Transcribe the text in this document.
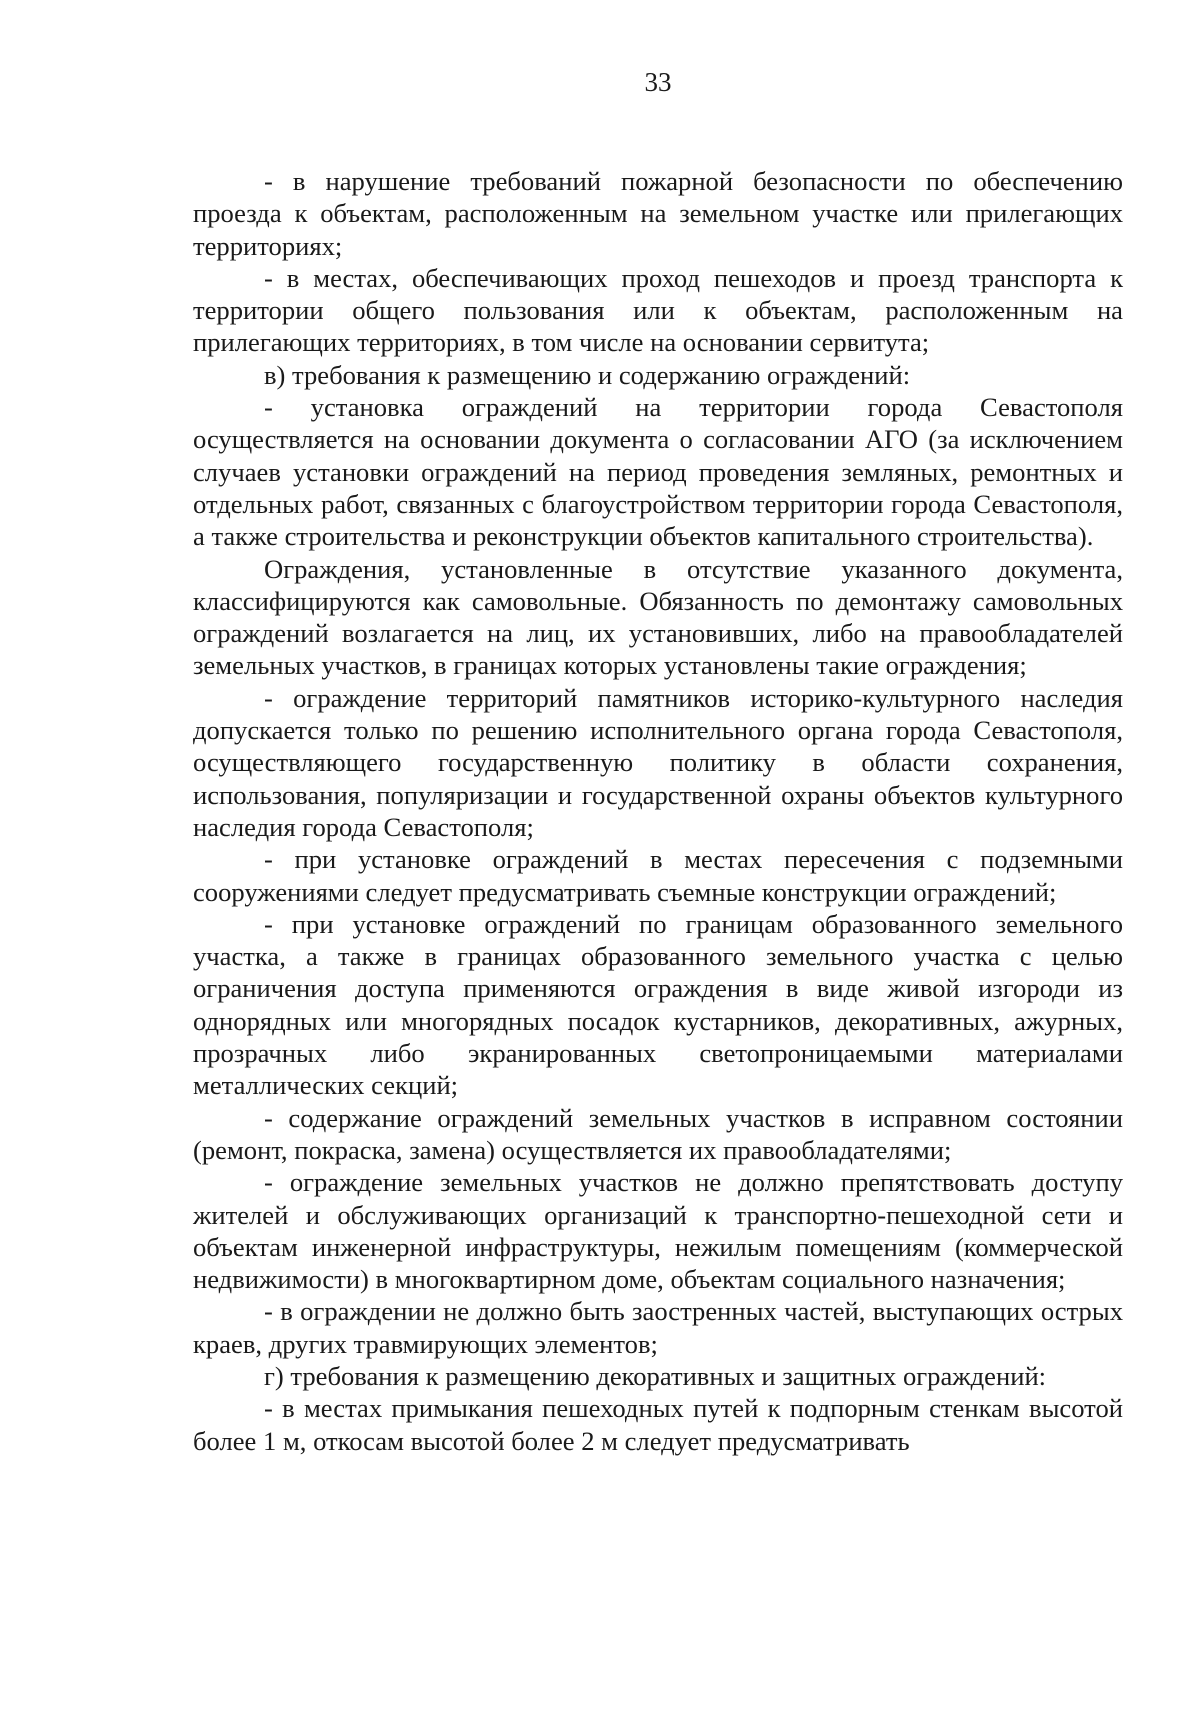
33

- в нарушение требований пожарной безопасности по обеспечению проезда к объектам, расположенным на земельном участке или прилегающих территориях;

- в местах, обеспечивающих проход пешеходов и проезд транспорта к территории общего пользования или к объектам, расположенным на прилегающих территориях, в том числе на основании сервитута;

в) требования к размещению и содержанию ограждений:

- установка ограждений на территории города Севастополя осуществляется на основании документа о согласовании АГО (за исключением случаев установки ограждений на период проведения земляных, ремонтных и отдельных работ, связанных с благоустройством территории города Севастополя, а также строительства и реконструкции объектов капитального строительства).

Ограждения, установленные в отсутствие указанного документа, классифицируются как самовольные. Обязанность по демонтажу самовольных ограждений возлагается на лиц, их установивших, либо на правообладателей земельных участков, в границах которых установлены такие ограждения;

- ограждение территорий памятников историко-культурного наследия допускается только по решению исполнительного органа города Севастополя, осуществляющего государственную политику в области сохранения, использования, популяризации и государственной охраны объектов культурного наследия города Севастополя;

- при установке ограждений в местах пересечения с подземными сооружениями следует предусматривать съемные конструкции ограждений;

- при установке ограждений по границам образованного земельного участка, а также в границах образованного земельного участка с целью ограничения доступа применяются ограждения в виде живой изгороди из однорядных или многорядных посадок кустарников, декоративных, ажурных, прозрачных либо экранированных светопроницаемыми материалами металлических секций;

- содержание ограждений земельных участков в исправном состоянии (ремонт, покраска, замена) осуществляется их правообладателями;

- ограждение земельных участков не должно препятствовать доступу жителей и обслуживающих организаций к транспортно-пешеходной сети и объектам инженерной инфраструктуры, нежилым помещениям (коммерческой недвижимости) в многоквартирном доме, объектам социального назначения;

- в ограждении не должно быть заостренных частей, выступающих острых краев, других травмирующих элементов;

г) требования к размещению декоративных и защитных ограждений:

- в местах примыкания пешеходных путей к подпорным стенкам высотой более 1 м, откосам высотой более 2 м следует предусматривать
